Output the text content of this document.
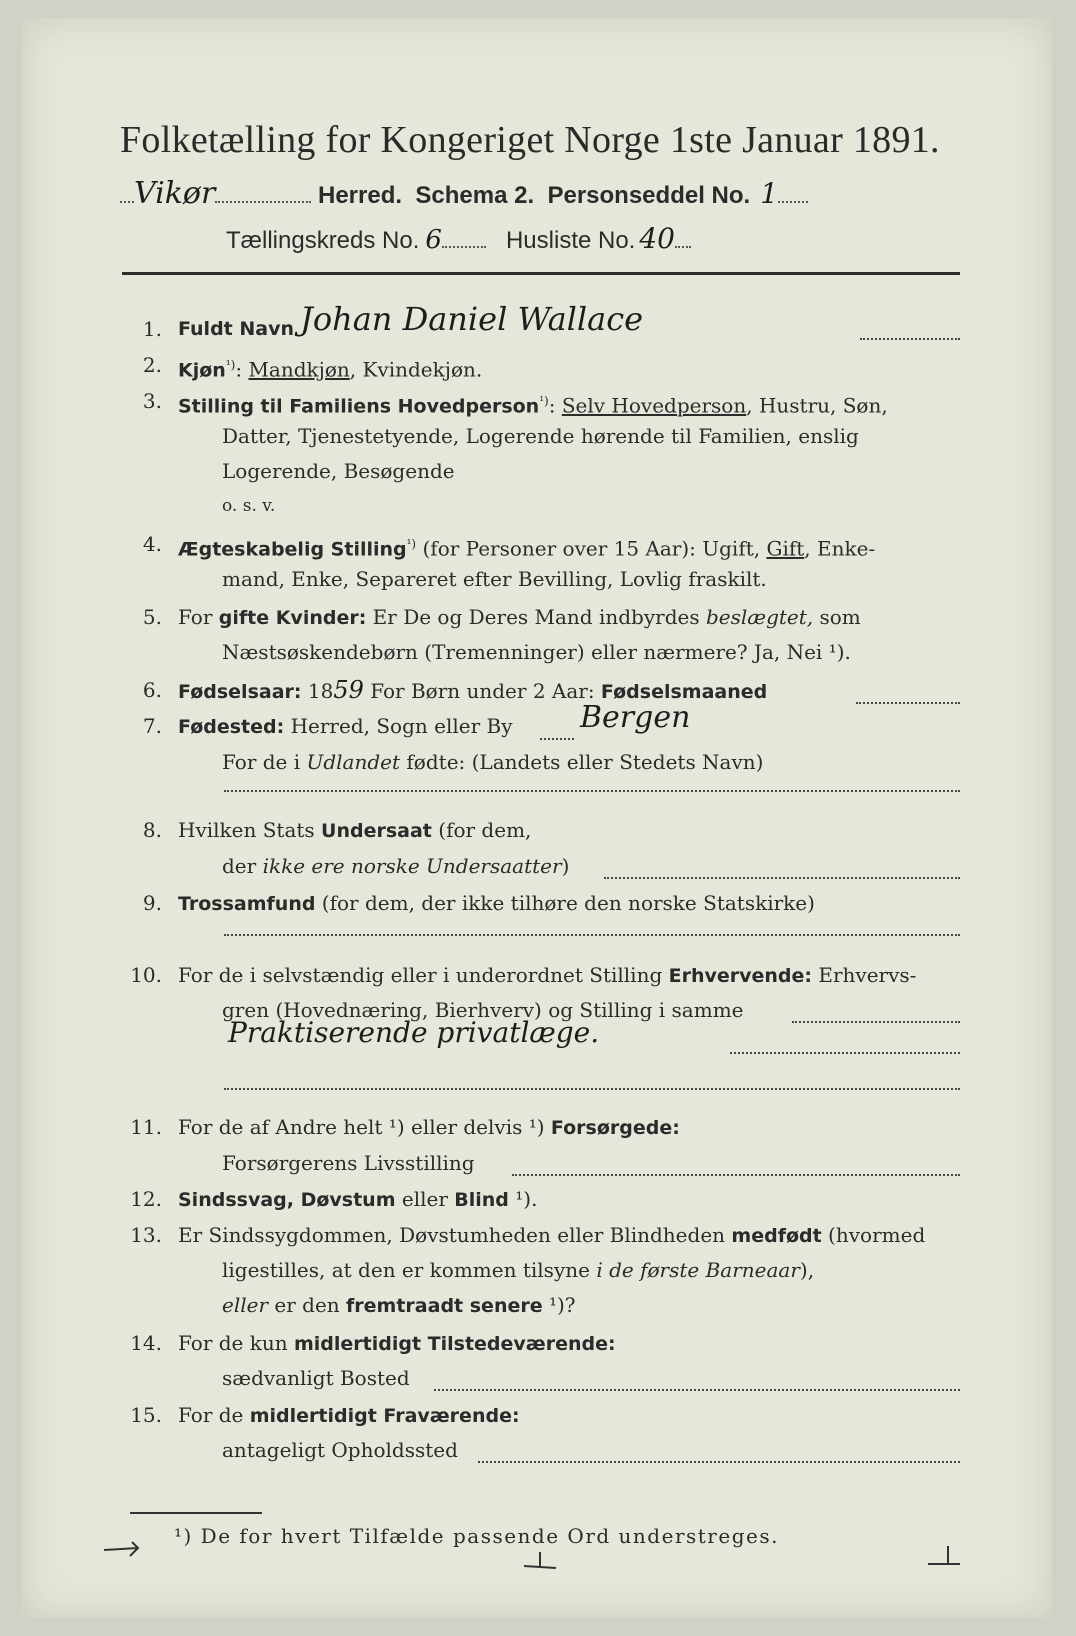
Folketælling for Kongeriget Norge 1ste Januar 1891.
Vikør	Herred. Schema 2. Personseddel No. 1
Tællingskreds No. 6	Husliste No. 40
1. Fuldt Navn Johan Daniel Wallace
2. Kjøn$^{^1)}$: Mandkjøn, Kvindekjøn.
3. Stilling til Familiens Hovedperson$^{^1)}$: Selv Hovedperson, Hustru, Søn,
Datter, Tjenestetyende, Logerende hørende til Familien, enslig
Logerende, Besøgende
o. s. v.
4. Ægteskabelig Stilling$^{^1)}$ (for Personer over 15 Aar): Ugift, Gift, Enke-
mand, Enke, Separeret efter Bevilling, Lovlig fraskilt.
5. For gifte Kvinder: Er De og Deres Mand indbyrdes beslægtet, som
Næstsøskendebørn (Tremenninger) eller nærmere? Ja, Nei ¹).
6. Fødselsaar: 1859 For Børn under 2 Aar: Fødselsmaaned
7. Fødested: Herred, Sogn eller By	Bergen
For de i Udlandet fødte: (Landets eller Stedets Navn)
8. Hvilken Stats Undersaat (for dem,
der ikke ere norske Undersaatter)
9. Trossamfund (for dem, der ikke tilhøre den norske Statskirke)
10. For de i selvstændig eller i underordnet Stilling Erhvervende: Erhvervs-
gren (Hovednæring, Bierhverv) og Stilling i samme
Praktiserende privatlæge.
11. For de af Andre helt ¹) eller delvis ¹) Forsørgede:
Forsørgerens Livsstilling
12. Sindssvag, Døvstum eller Blind ¹).
13. Er Sindssygdommen, Døvstumheden eller Blindheden medfødt (hvormed
ligestilles, at den er kommen tilsyne i de første Barneaar),
eller er den fremtraadt senere ¹)?
14. For de kun midlertidigt Tilstedeværende:
sædvanligt Bosted
15. For de midlertidigt Fraværende:
antageligt Opholdssted
¹) De for hvert Tilfælde passende Ord understreges.
